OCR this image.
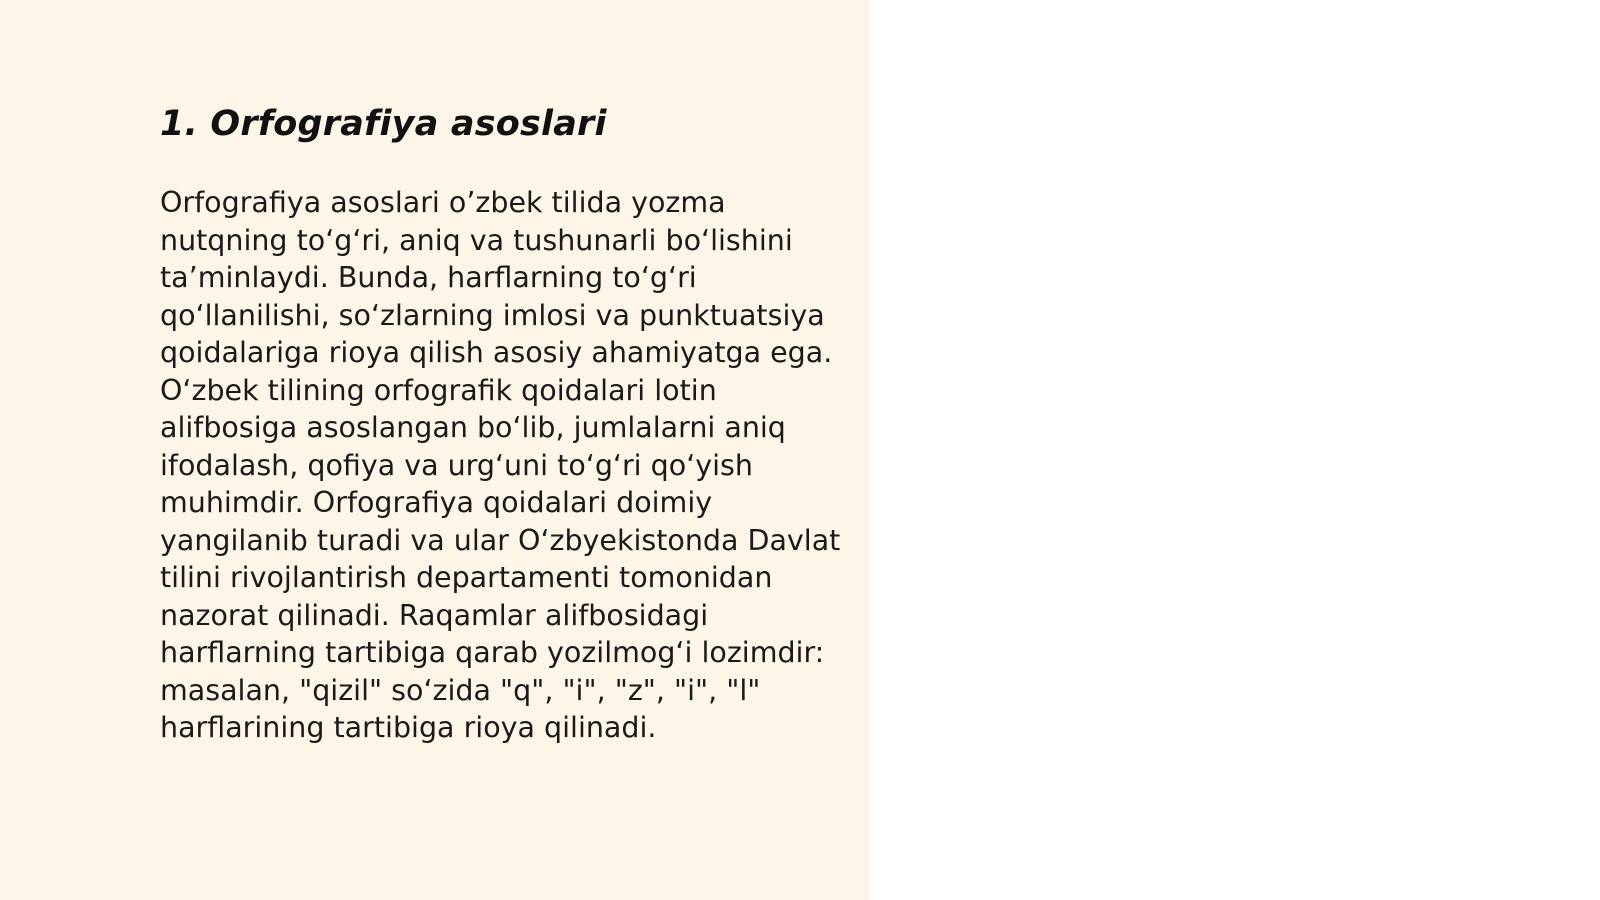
1. Orfografiya asoslari

Orfografiya asoslari o’zbek tilida yozma nutqning to‘g‘ri, aniq va tushunarli bo‘lishini ta’minlaydi. Bunda, harflarning to‘g‘ri qo‘llanilishi, so‘zlarning imlosi va punktuatsiya qoidalariga rioya qilish asosiy ahamiyatga ega. O‘zbek tilining orfografik qoidalari lotin alifbosiga asoslangan bo‘lib, jumlalarni aniq ifodalash, qofiya va urg‘uni to‘g‘ri qo‘yish muhimdir. Orfografiya qoidalari doimiy yangilanib turadi va ular O‘zbyekistonda Davlat tilini rivojlantirish departamenti tomonidan nazorat qilinadi. Raqamlar alifbosidagi harflarning tartibiga qarab yozilmog‘i lozimdir: masalan, "qizil" so‘zida "q", "i", "z", "i", "l" harflarining tartibiga rioya qilinadi.
